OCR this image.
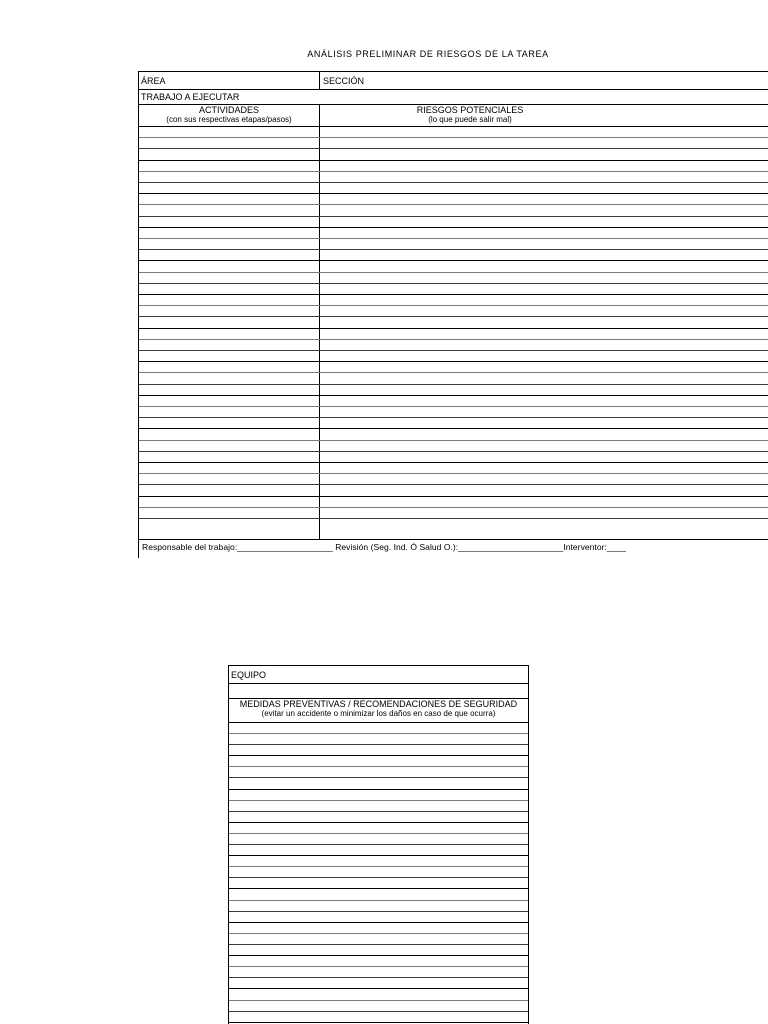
ANÁLISIS PRELIMINAR DE RIESGOS DE LA TAREA
ÁREA	SECCIÓN
TRABAJO A EJECUTAR
ACTIVIDADES
(con sus respectivas etapas/pasos)
RIESGOS POTENCIALES
(lo que puede salir mal)
Responsable del trabajo:____________________ Revisión (Seg. Ind. Ó Salud O.):______________________Interventor:____
EQUIPO
MEDIDAS PREVENTIVAS / RECOMENDACIONES DE SEGURIDAD
(evitar un accidente o minimizar los daños en caso de que ocurra)
